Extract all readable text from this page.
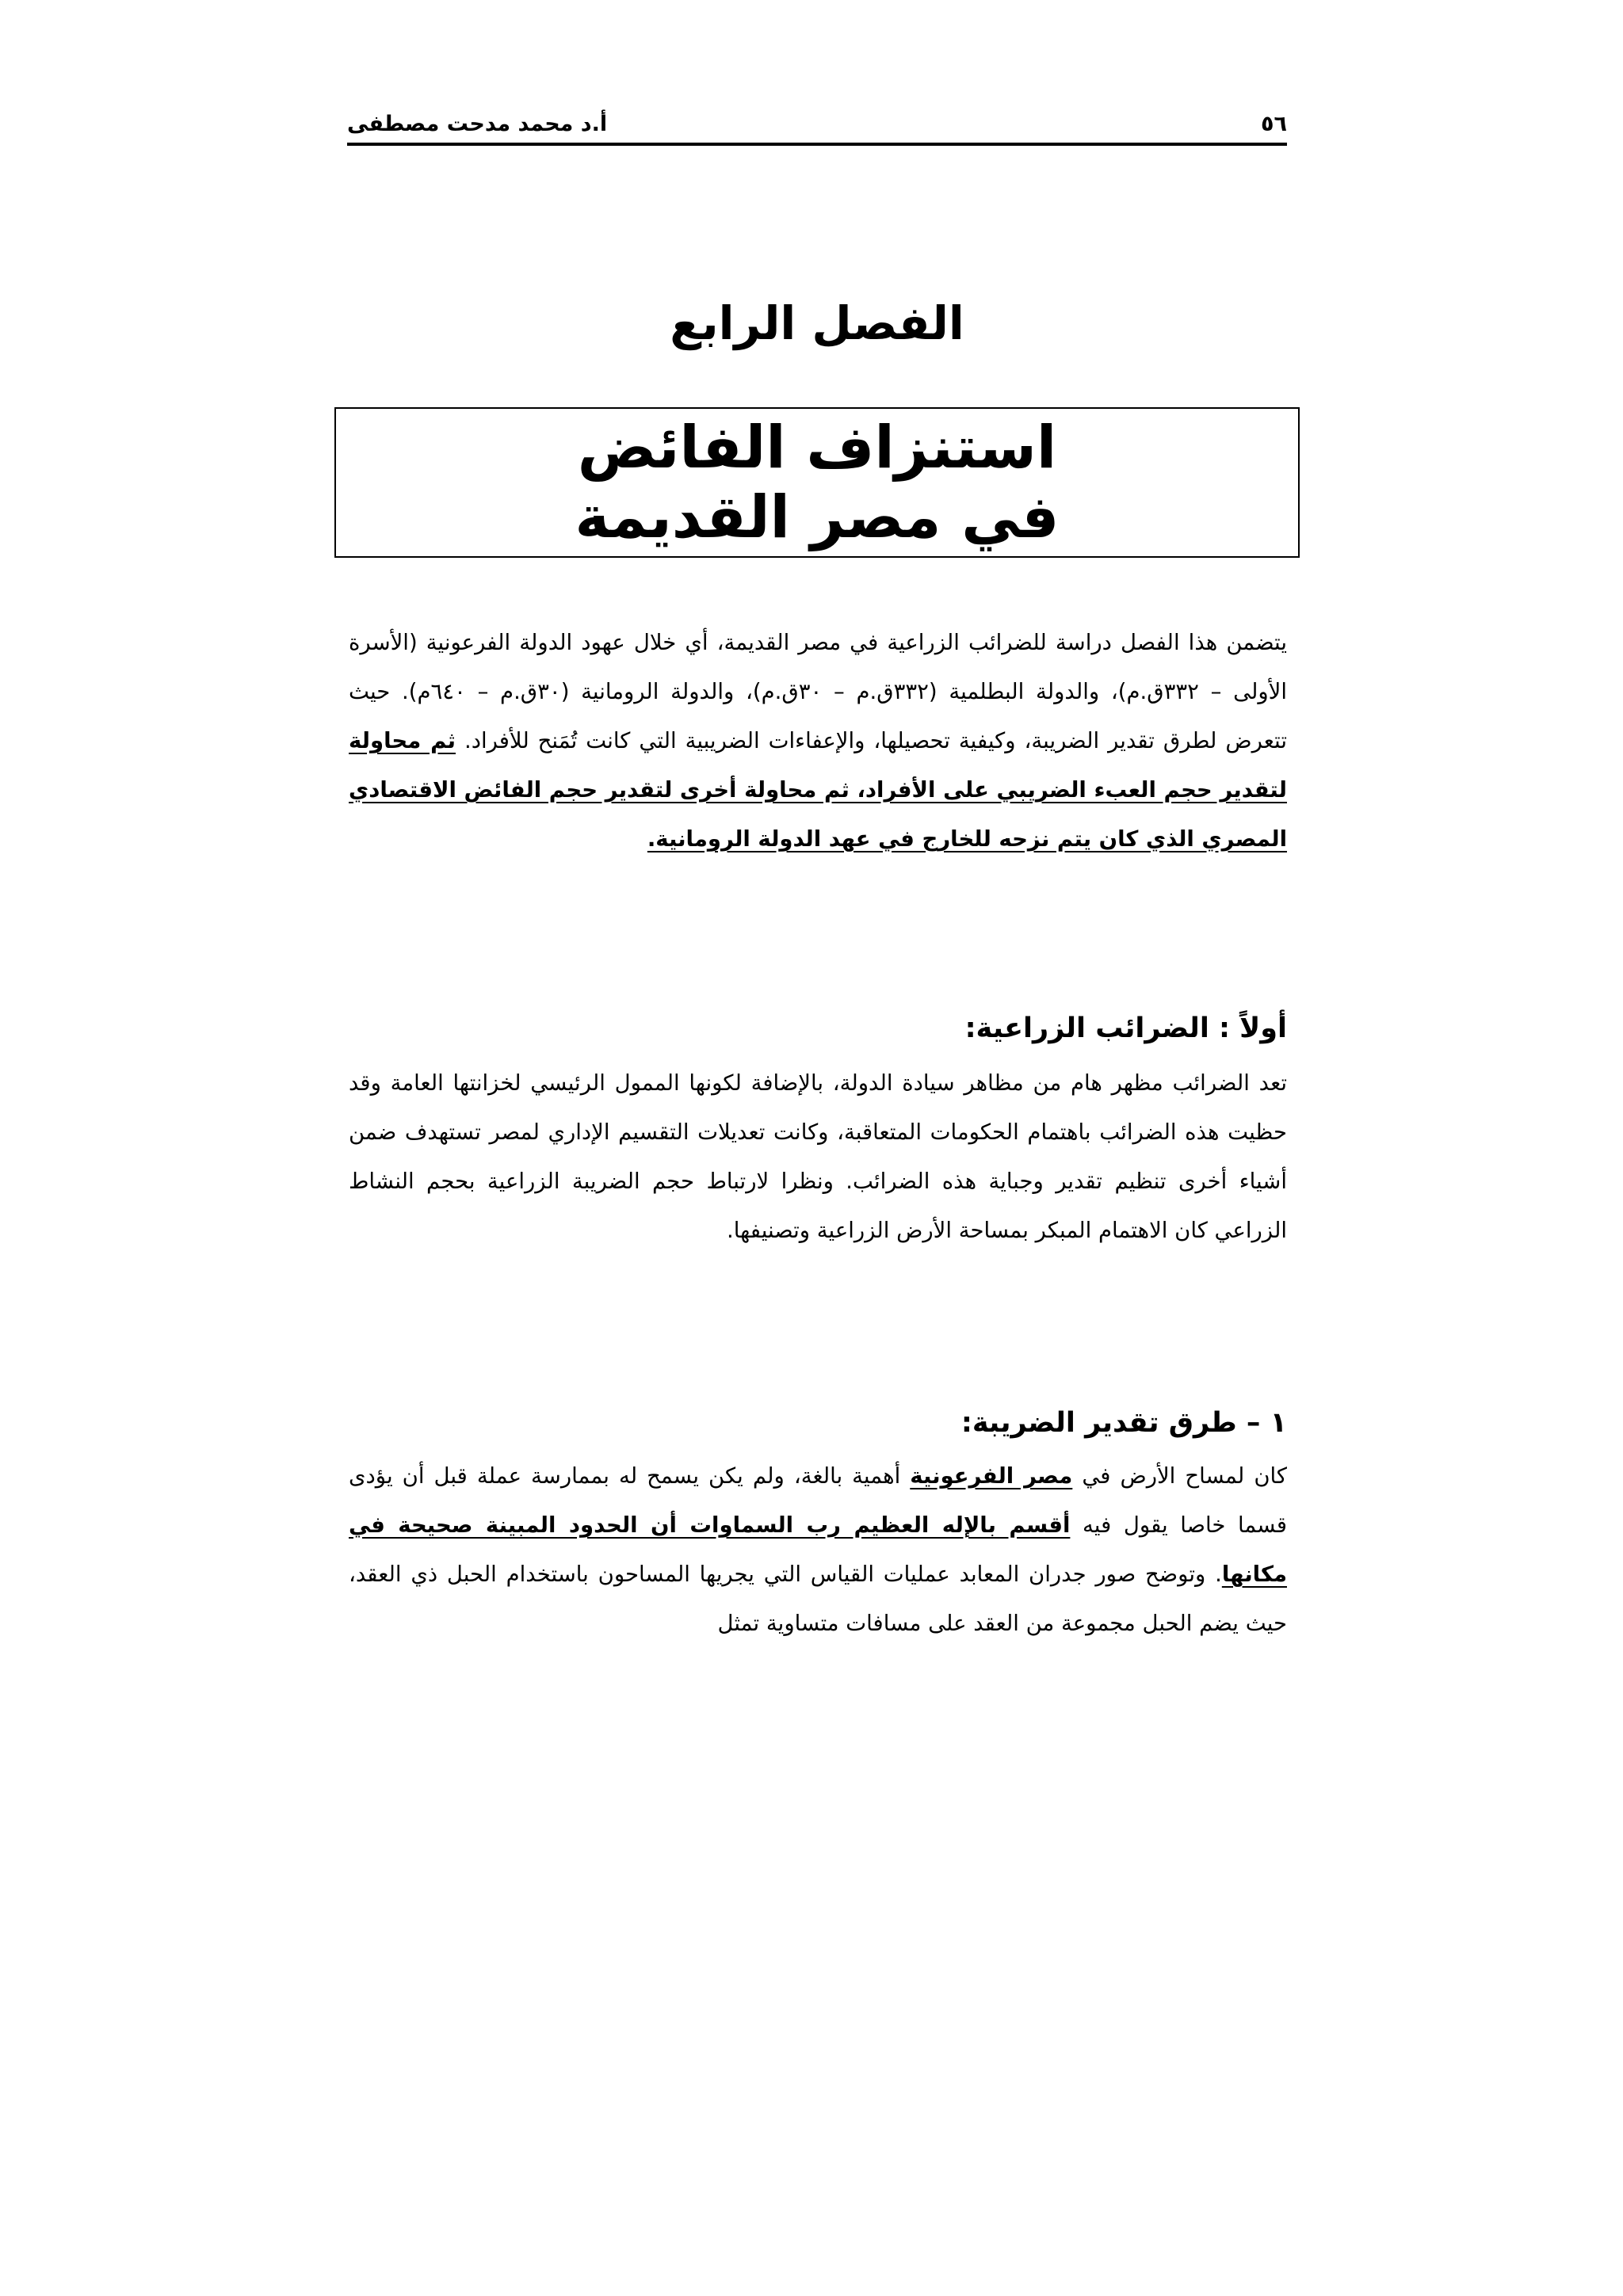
٥٦
أ.د محمد مدحت مصطفى
الفصل الرابع
استنزاف الفائض في مصر القديمة

يتضمن هذا الفصل دراسة للضرائب الزراعية في مصر القديمة، أي خلال عهود الدولة الفرعونية (الأسرة الأولى – ٣٣٢ق.م)، والدولة البطلمية (٣٣٢ق.م – ٣٠ق.م)، والدولة الرومانية (٣٠ق.م – ٦٤٠م). حيث تتعرض لطرق تقدير الضريبة، وكيفية تحصيلها، والإعفاءات الضريبية التي كانت تُمَنح للأفراد. ثم محاولة لتقدير حجم العبء الضريبي على الأفراد، ثم محاولة أخرى لتقدير حجم الفائض الاقتصادي المصري الذي كان يتم نزحه للخارج في عهد الدولة الرومانية.

أولاً : الضرائب الزراعية:

تعد الضرائب مظهر هام من مظاهر سيادة الدولة، بالإضافة لكونها الممول الرئيسي لخزانتها العامة وقد حظيت هذه الضرائب باهتمام الحكومات المتعاقبة، وكانت تعديلات التقسيم الإداري لمصر تستهدف ضمن أشياء أخرى تنظيم تقدير وجباية هذه الضرائب. ونظرا لارتباط حجم الضريبة الزراعية بحجم النشاط الزراعي كان الاهتمام المبكر بمساحة الأرض الزراعية وتصنيفها.

١ – طرق تقدير الضريبة:

كان لمساح الأرض في مصر الفرعونية أهمية بالغة، ولم يكن يسمح له بممارسة عملة قبل أن يؤدى قسما خاصا يقول فيه أقسم بالإله العظيم رب السماوات أن الحدود المبينة صحيحة في مكانها. وتوضح صور جدران المعابد عمليات القياس التي يجريها المساحون باستخدام الحبل ذي العقد، حيث يضم الحبل مجموعة من العقد على مسافات متساوية تمثل
